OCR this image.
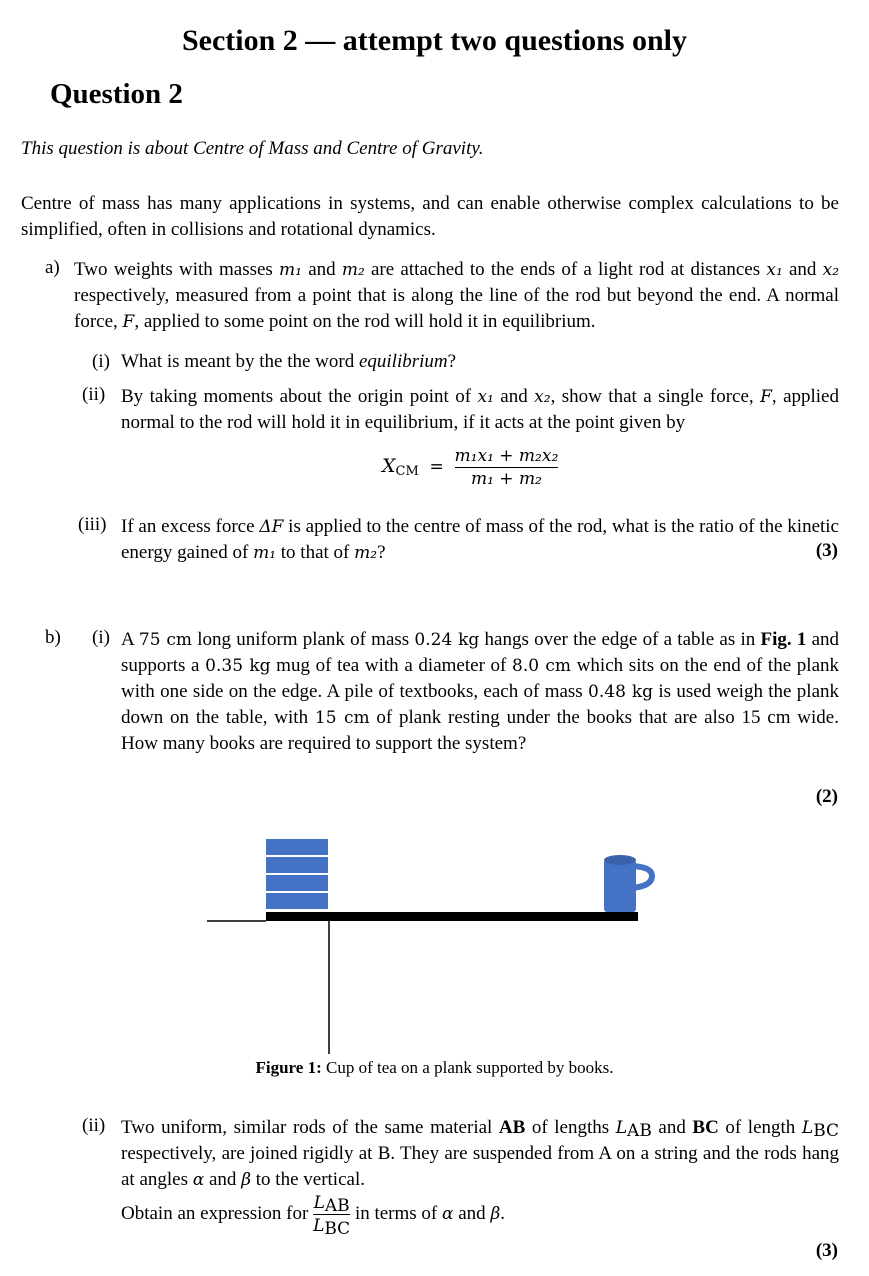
Section 2 — attempt two questions only
Question 2
This question is about Centre of Mass and Centre of Gravity.
Centre of mass has many applications in systems, and can enable otherwise complex calculations to be simplified, often in collisions and rotational dynamics.
a) Two weights with masses m₁ and m₂ are attached to the ends of a light rod at distances x₁ and x₂ respectively, measured from a point that is along the line of the rod but beyond the end. A normal force, F, applied to some point on the rod will hold it in equilibrium.
(i) What is meant by the the word equilibrium?
(ii) By taking moments about the origin point of x₁ and x₂, show that a single force, F, applied normal to the rod will hold it in equilibrium, if it acts at the point given by
$X_{CM} = \frac{\text{m₁x₁ + m₂x₂}}{\text{m₁ + m₂}}$
(iii) If an excess force ΔF is applied to the centre of mass of the rod, what is the ratio of the kinetic energy gained of m₁ to that of m₂?	(3)
b) (i) A 75 cm long uniform plank of mass 0.24 kg hangs over the edge of a table as in Fig. 1 and supports a 0.35 kg mug of tea with a diameter of 8.0 cm which sits on the end of the plank with one side on the edge. A pile of textbooks, each of mass 0.48 kg is used weigh the plank down on the table, with 15 cm of plank resting under the books that are also 15 cm wide. How many books are required to support the system?
(2)
Figure 1: Cup of tea on a plank supported by books.
(ii) Two uniform, similar rods of the same material AB of lengths $L_{AB}$ and BC of length $L_{BC}$ respectively, are joined rigidly at B. They are suspended from A on a string and the rods hang at angles α and β to the vertical.
Obtain an expression for $\frac{L_{AB}}{L_{BC}}$ in terms of α and β.
(3)
